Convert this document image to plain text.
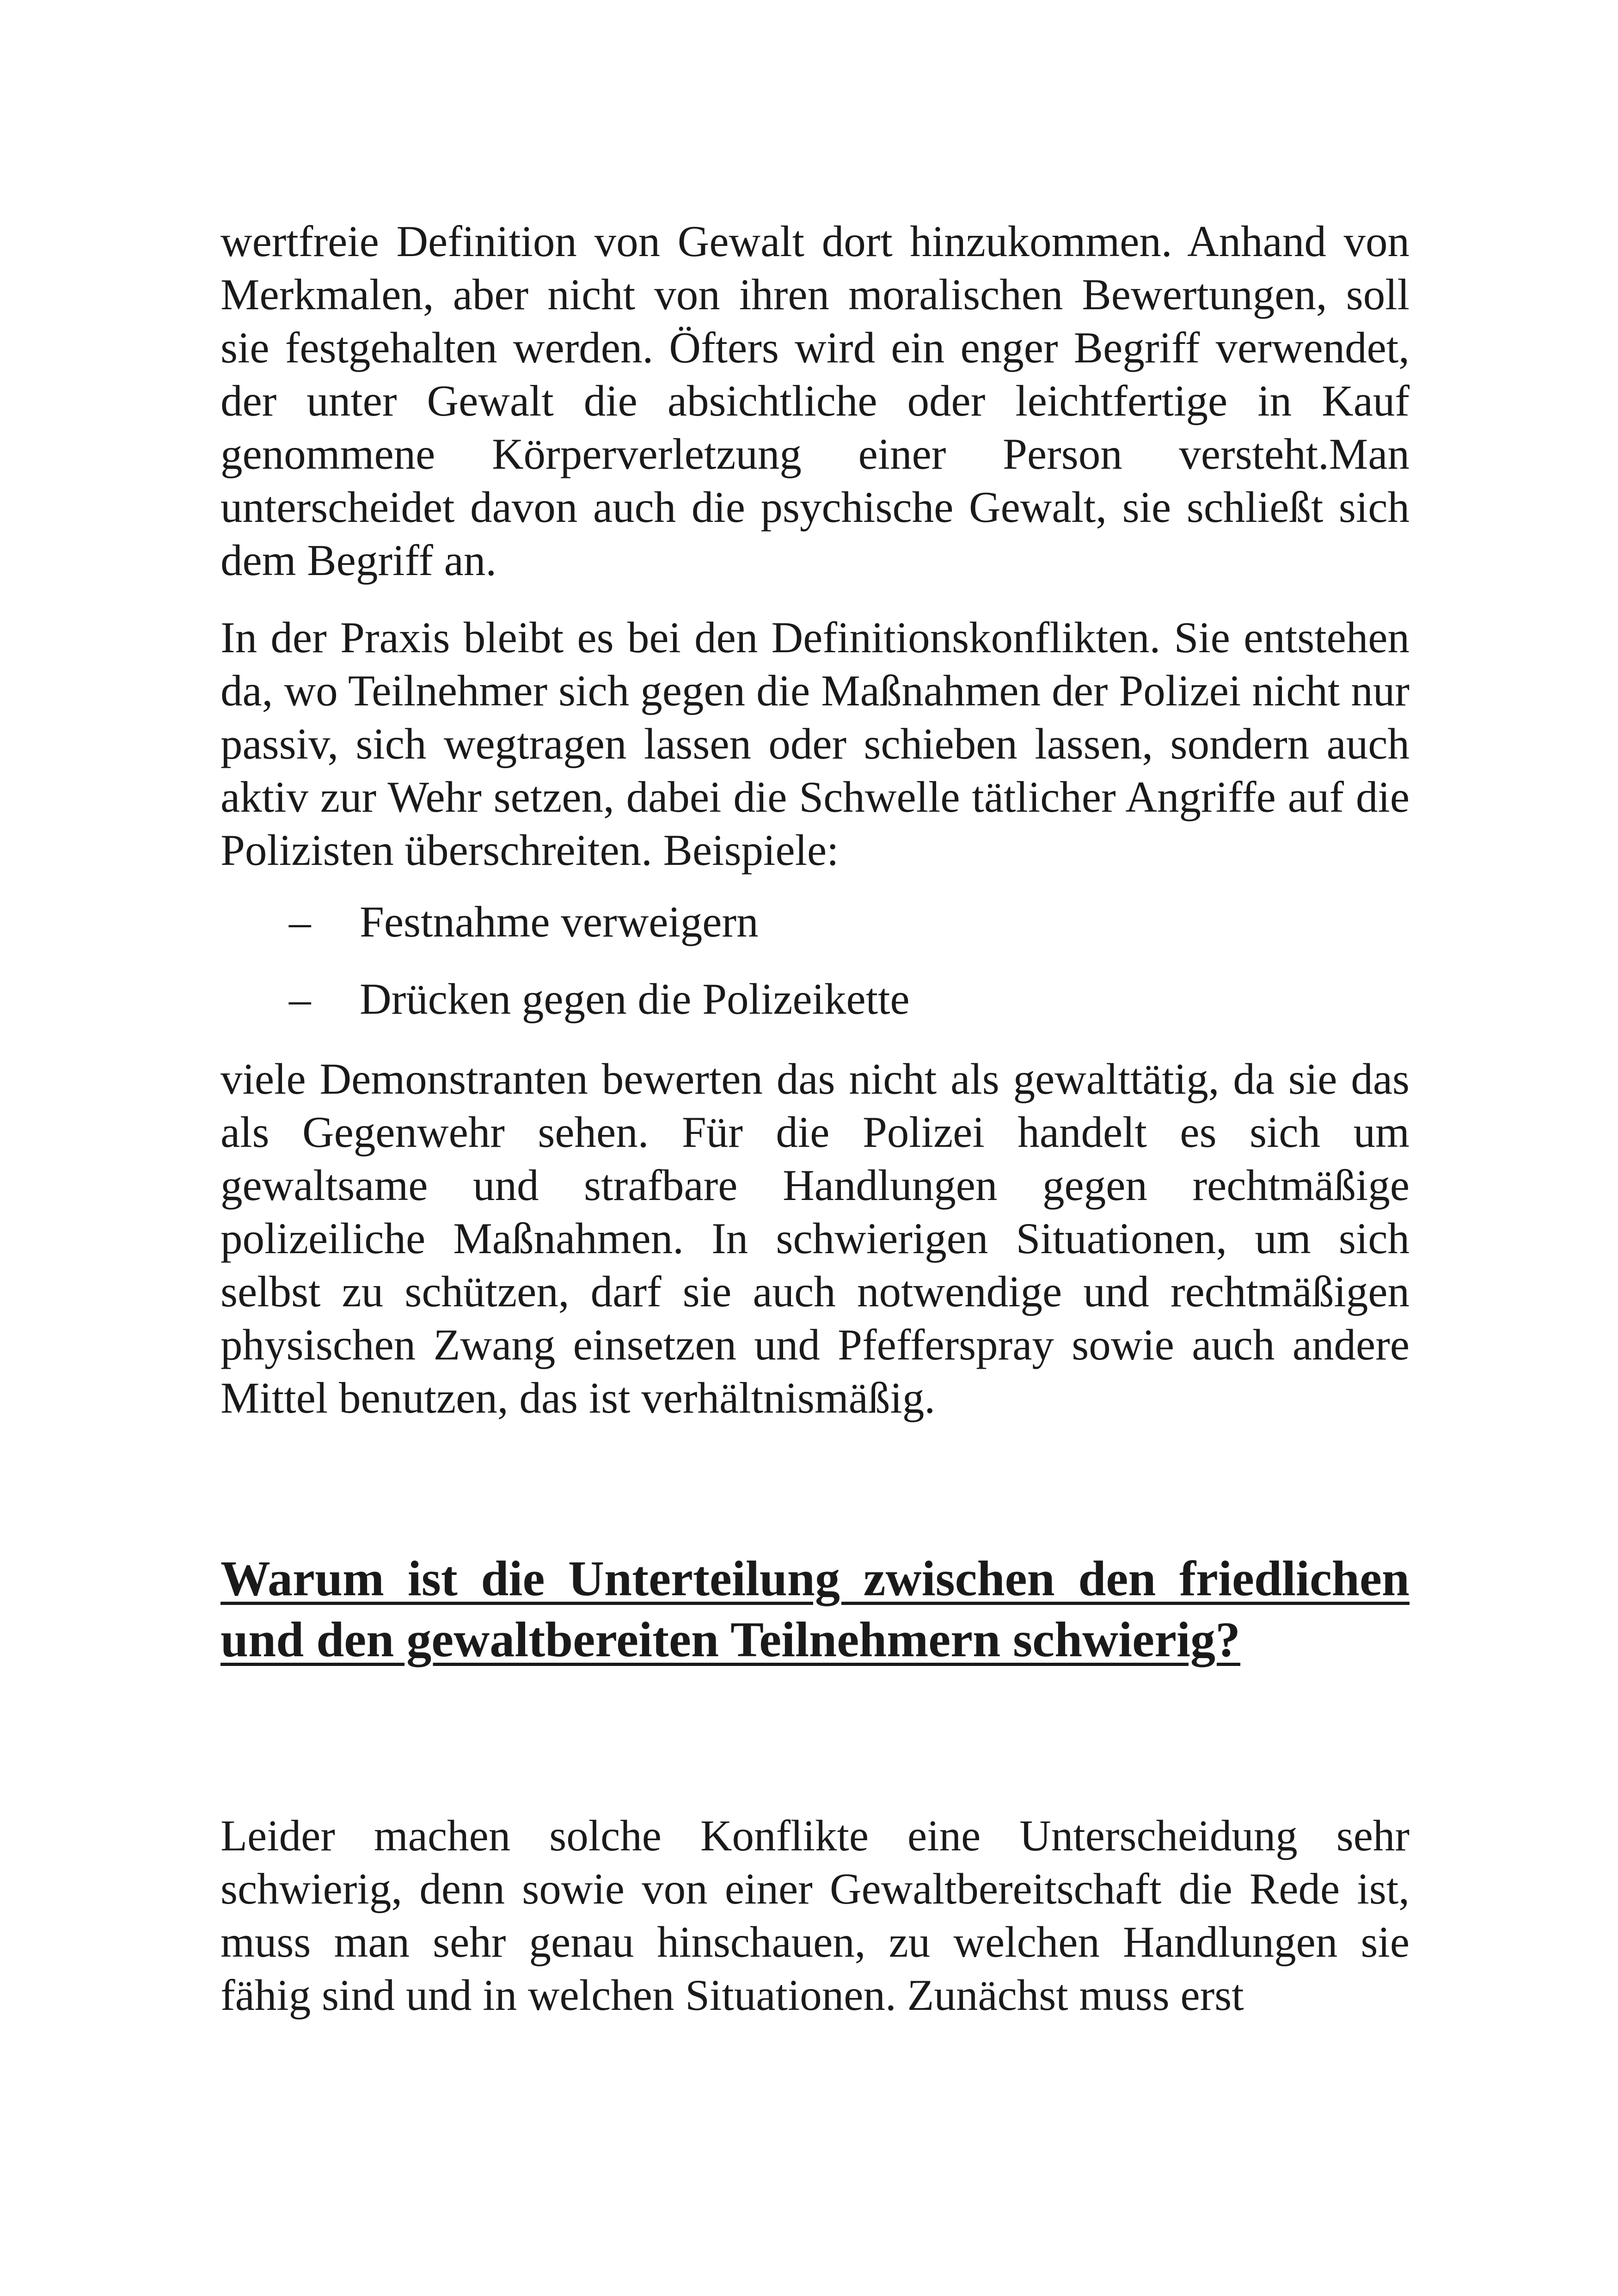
wertfreie Definition von Gewalt dort hinzukommen. Anhand von Merkmalen, aber nicht von ihren moralischen Bewertungen, soll sie festgehalten werden. Öfters wird ein enger Begriff verwendet, der unter Gewalt die absichtliche oder leichtfertige in Kauf genommene Körperverletzung einer Person versteht.Man unterscheidet davon auch die psychische Gewalt, sie schließt sich dem Begriff an.

In der Praxis bleibt es bei den Definitionskonflikten. Sie entstehen da, wo Teilnehmer sich gegen die Maßnahmen der Polizei nicht nur passiv, sich wegtragen lassen oder schieben lassen, sondern auch aktiv zur Wehr setzen, dabei die Schwelle tätlicher Angriffe auf die Polizisten überschreiten. Beispiele:

– Festnahme verweigern
– Drücken gegen die Polizeikette

viele Demonstranten bewerten das nicht als gewalttätig, da sie das als Gegenwehr sehen. Für die Polizei handelt es sich um gewaltsame und strafbare Handlungen gegen rechtmäßige polizeiliche Maßnahmen. In schwierigen Situationen, um sich selbst zu schützen, darf sie auch notwendige und rechtmäßigen physischen Zwang einsetzen und Pfefferspray sowie auch andere Mittel benutzen, das ist verhältnismäßig.

Warum ist die Unterteilung zwischen den friedlichen und den gewaltbereiten Teilnehmern schwierig?

Leider machen solche Konflikte eine Unterscheidung sehr schwierig, denn sowie von einer Gewaltbereitschaft die Rede ist, muss man sehr genau hinschauen, zu welchen Handlungen sie fähig sind und in welchen Situationen. Zunächst muss erst
